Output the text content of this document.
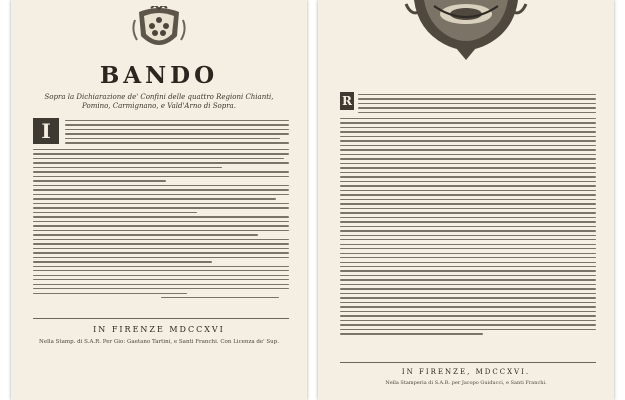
BANDO
Sopra la Dichiarazione de' Confini delle quattro Regioni Chianti, Pomino, Carmignano, e Vald'Arno di Sopra.
I
IN FIRENZE MDCCXVI
Nella Stamp. di S.A.R. Per Gio: Gaetano Tartini, e Santi Franchi. Con Licenza de' Sup.
R
IN FIRENZE, MDCCXVI.
Nella Stamperia di S.A.R. per Jacopo Guiducci, e Santi Franchi.
